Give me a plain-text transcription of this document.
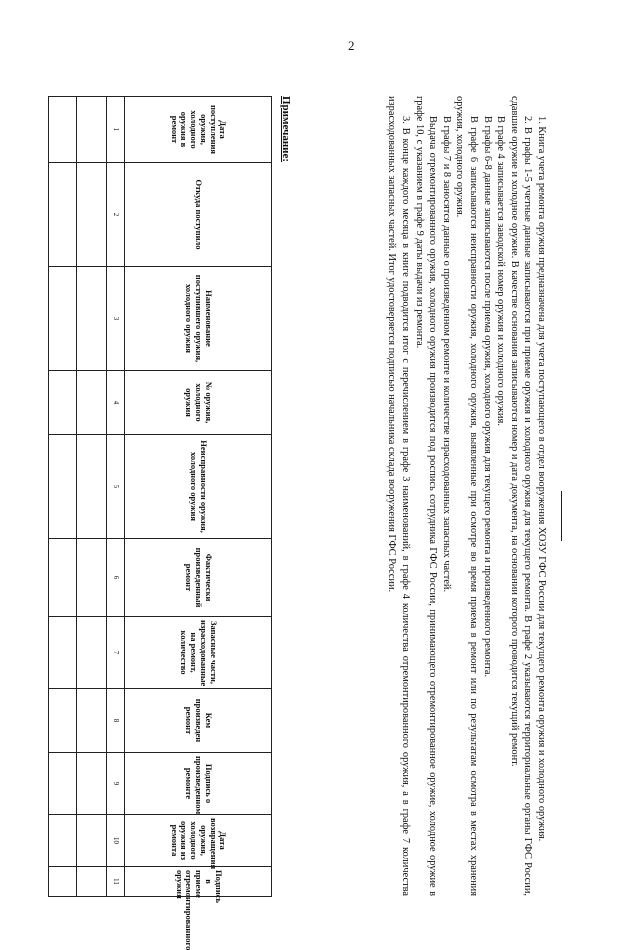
2

1. Книга учета ремонта оружия предназначена для учета поступающего в отдел вооружения ХОЗУ ГФС России для текущего ремонта оружия и холодного оружия.

2. В графы 1-5 учетные данные записываются при приеме оружия и холодного оружия для текущего ремонта. В графе 2 указываются территориальные органы ГФС России, сдавшие оружие и холодное оружие. В качестве основания записываются номер и дата документа, на основании которого проводится текущий ремонт.

В графе 4 записывается заводской номер оружия и холодного оружия.

В графы 6-8 данные записываются после приема оружия, холодного оружия для текущего ремонта и произведенного ремонта.

В графе 6 записываются неисправности оружия, холодного оружия, выявленные при осмотре во время приема в ремонт или по результатам осмотра в местах хранения оружия, холодного оружия.

В графы 7 и 8 заносятся данные о произведенном ремонте и количестве израсходованных запасных частей.

Выдача отремонтированного оружия, холодного оружия производится под роспись сотрудника ГФС России, принимающего отремонтированное оружие, холодное оружие в графе 10, с указанием в графе 9 даты выдачи из ремонта.

3. В конце каждого месяца в книге подводится итог с перечислением в графе 3 наименований, в графе 4 количества отремонтированного оружия, а в графе 7 количества израсходованных запасных частей. Итог удостоверяется подписью начальника склада вооружения ГФС России.

Примечание:
Дата поступления оружия, холодного оружия в ремонт	Откуда поступило	Наименование поступившего оружия, холодного оружия	№ оружия, холодного оружия	Неисправности оружия, холодного оружия	Фактически произведенный ремонт	Запасные части, израсходованные на ремонт, количество	Кем произведен ремонт	Подпись о произведенном ремонте	Дата возвращения оружия, холодного оружия из ремонта	Подпись в приеме отремонтированного оружия
1	2	3	4	5	6	7	8	9	10	11
